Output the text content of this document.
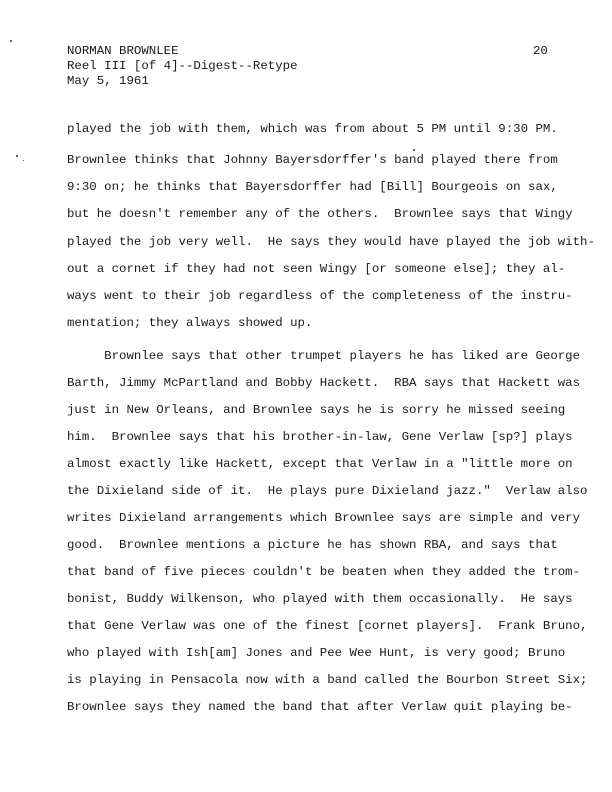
NORMAN BROWNLEE
Reel III [of 4]--Digest--Retype
May 5, 1961
20
played the job with them, which was from about 5 PM until 9:30 PM.
Brownlee thinks that Johnny Bayersdorffer's band played there from
9:30 on; he thinks that Bayersdorffer had [Bill] Bourgeois on sax,
but he doesn't remember any of the others.  Brownlee says that Wingy
played the job very well.  He says they would have played the job with-
out a cornet if they had not seen Wingy [or someone else]; they al-
ways went to their job regardless of the completeness of the instru-
mentation; they always showed up.
Brownlee says that other trumpet players he has liked are George
Barth, Jimmy McPartland and Bobby Hackett.  RBA says that Hackett was
just in New Orleans, and Brownlee says he is sorry he missed seeing
him.  Brownlee says that his brother-in-law, Gene Verlaw [sp?] plays
almost exactly like Hackett, except that Verlaw in a "little more on
the Dixieland side of it.  He plays pure Dixieland jazz."  Verlaw also
writes Dixieland arrangements which Brownlee says are simple and very
good.  Brownlee mentions a picture he has shown RBA, and says that
that band of five pieces couldn't be beaten when they added the trom-
bonist, Buddy Wilkenson, who played with them occasionally.  He says
that Gene Verlaw was one of the finest [cornet players].  Frank Bruno,
who played with Ish[am] Jones and Pee Wee Hunt, is very good; Bruno
is playing in Pensacola now with a band called the Bourbon Street Six;
Brownlee says they named the band that after Verlaw quit playing be-
